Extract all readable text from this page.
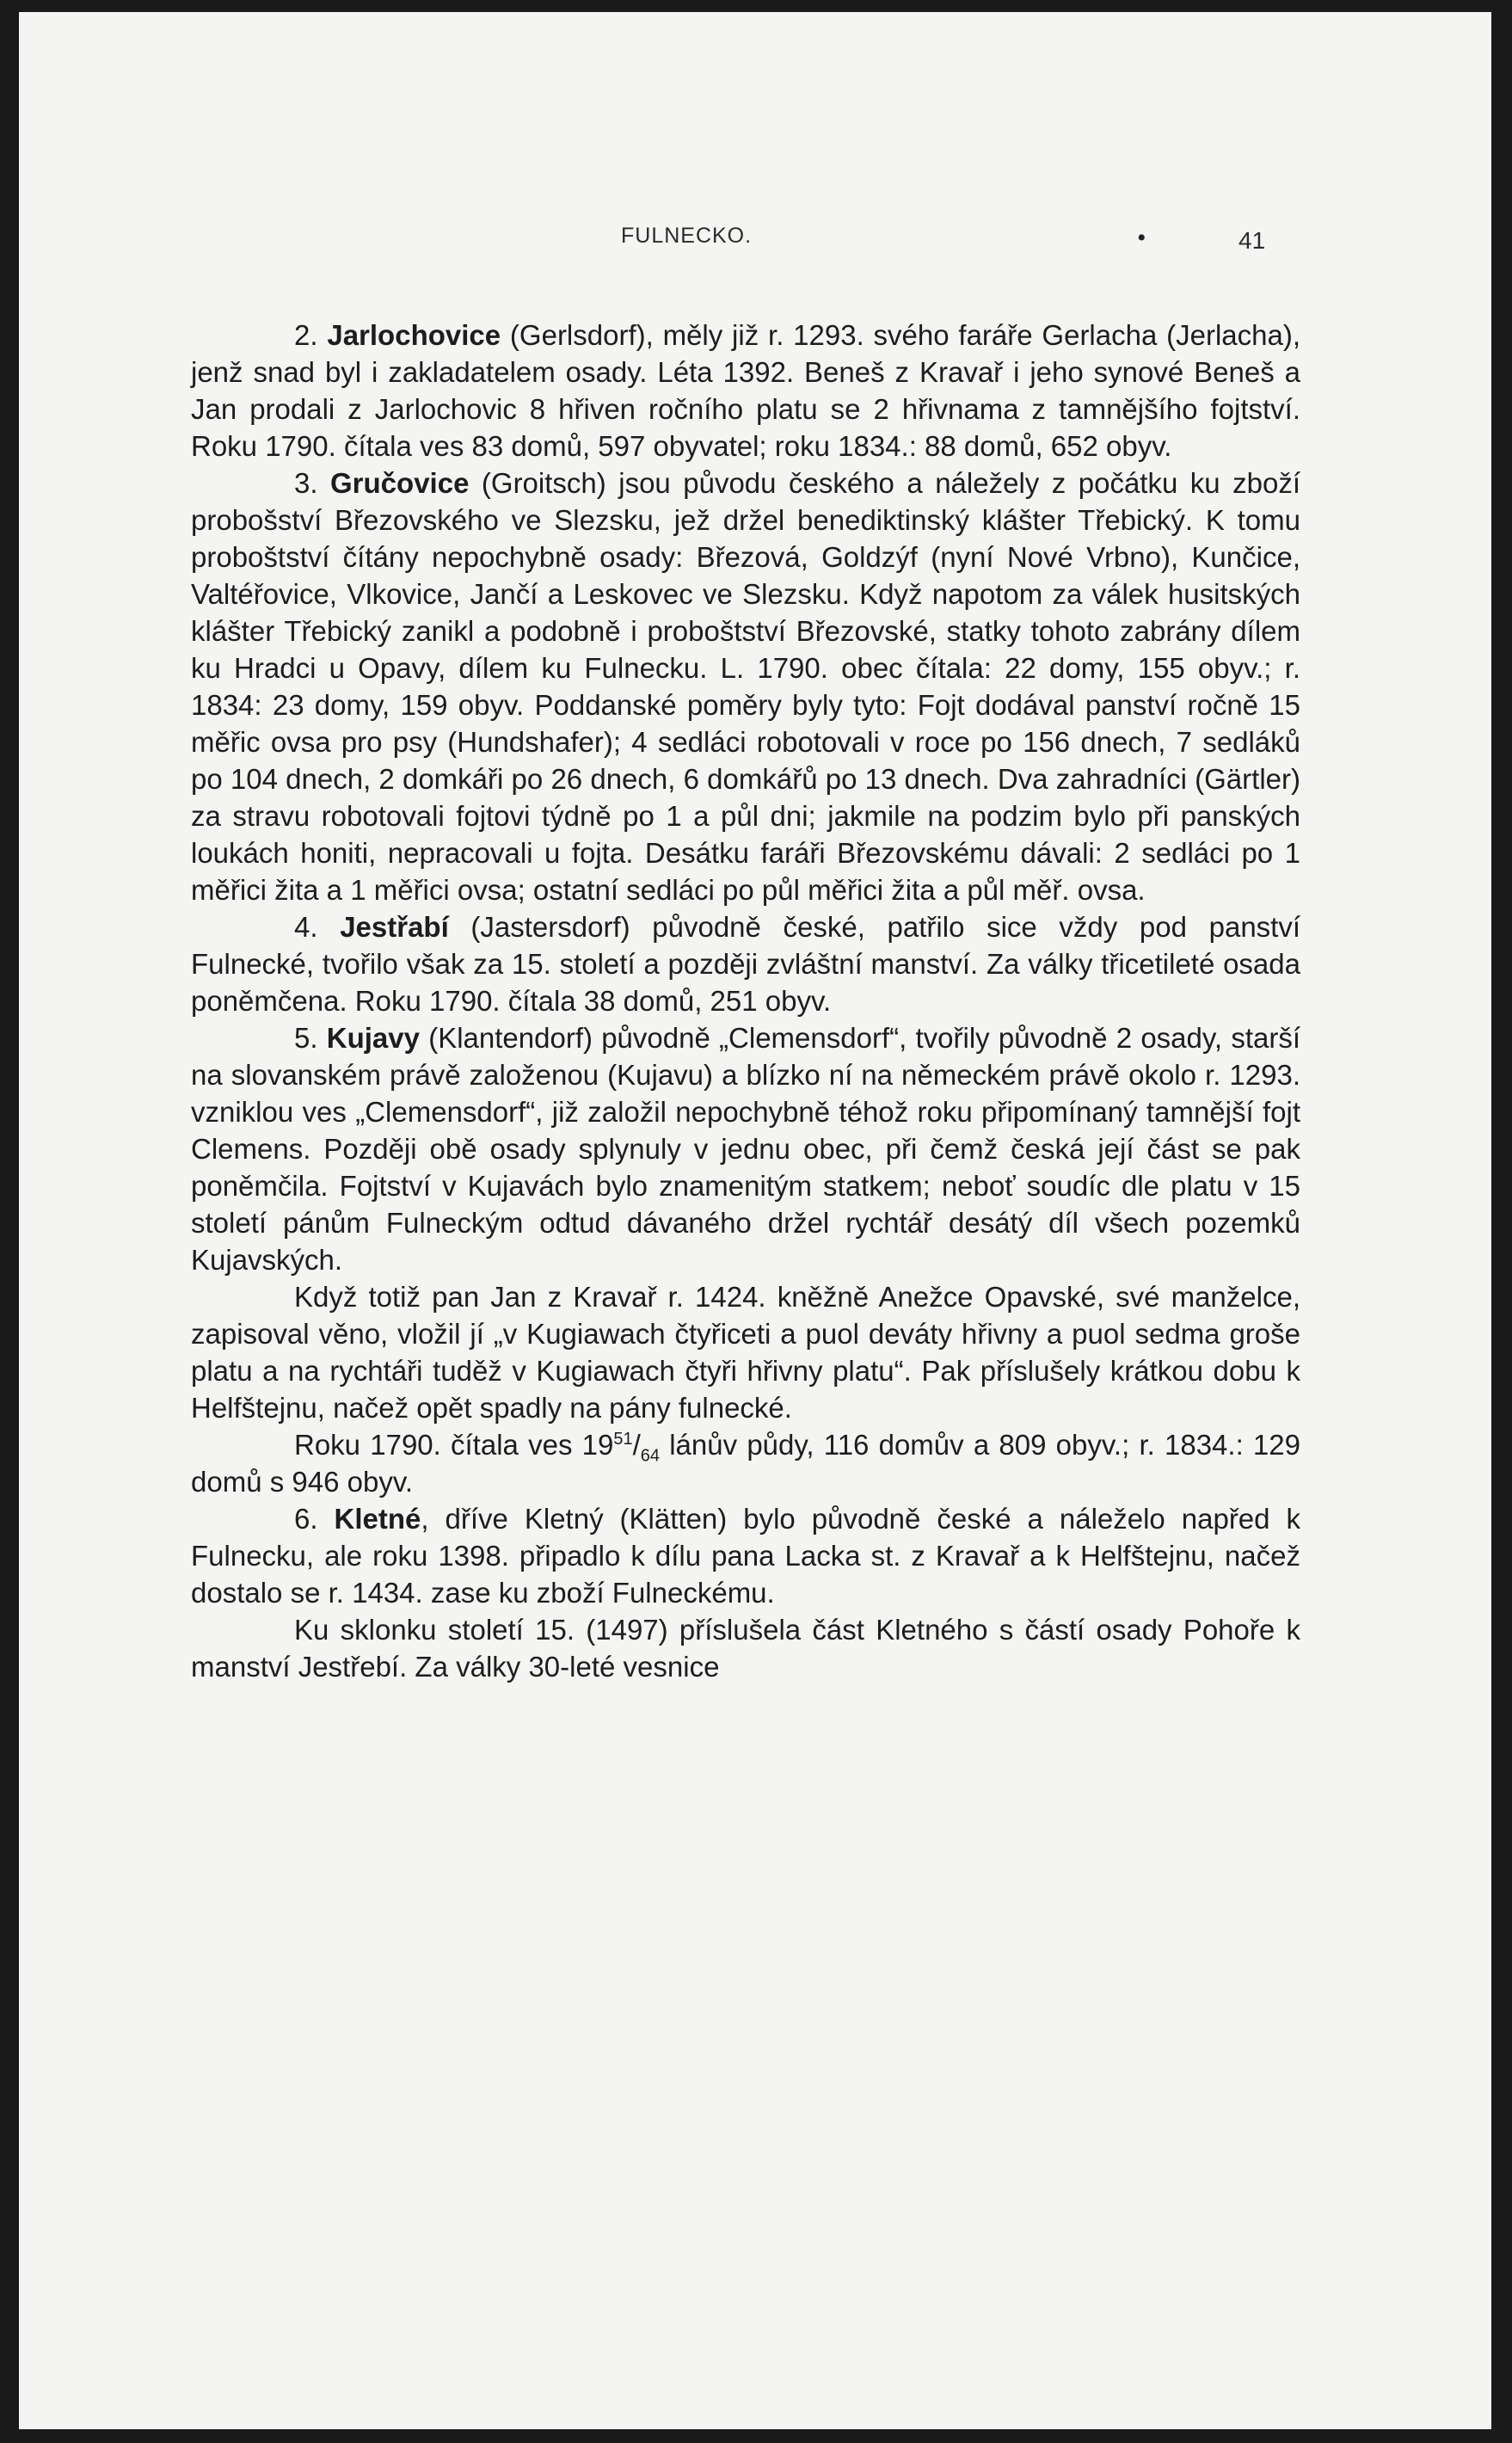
FULNECKO.	•	41

2. Jarlochovice (Gerlsdorf), měly již r. 1293. svého faráře Gerlacha (Jerlacha), jenž snad byl i zakladatelem osady. Léta 1392. Beneš z Kravař i jeho synové Beneš a Jan prodali z Jarlochovic 8 hřiven ročního platu se 2 hřivnama z tamnějšího fojtství. Roku 1790. čítala ves 83 domů, 597 obyvatel; roku 1834.: 88 domů, 652 obyv.

3. Gručovice (Groitsch) jsou původu českého a náležely z počátku ku zboží probošství Březovského ve Slezsku, jež držel benediktinský klášter Třebický. K tomu proboštství čítány nepochybně osady: Březová, Goldzýf (nyní Nové Vrbno), Kunčice, Valtéřovice, Vlkovice, Jančí a Leskovec ve Slezsku. Když napotom za válek husitských klášter Třebický zanikl a podobně i proboštství Březovské, statky tohoto zabrány dílem ku Hradci u Opavy, dílem ku Fulnecku. L. 1790. obec čítala: 22 domy, 155 obyv.; r. 1834: 23 domy, 159 obyv. Poddanské poměry byly tyto: Fojt dodával panství ročně 15 měřic ovsa pro psy (Hundshafer); 4 sedláci robotovali v roce po 156 dnech, 7 sedláků po 104 dnech, 2 domkáři po 26 dnech, 6 domkářů po 13 dnech. Dva zahradníci (Gärtler) za stravu robotovali fojtovi týdně po 1 a půl dni; jakmile na podzim bylo při panských loukách honiti, nepracovali u fojta. Desátku faráři Březovskému dávali: 2 sedláci po 1 měřici žita a 1 měřici ovsa; ostatní sedláci po půl měřici žita a půl měř. ovsa.

4. Jestřabí (Jastersdorf) původně české, patřilo sice vždy pod panství Fulnecké, tvořilo však za 15. století a později zvláštní manství. Za války třicetileté osada poněmčena. Roku 1790. čítala 38 domů, 251 obyv.

5. Kujavy (Klantendorf) původně „Clemensdorf“, tvořily původně 2 osady, starší na slovanském právě založenou (Kujavu) a blízko ní na německém právě okolo r. 1293. vzniklou ves „Clemensdorf“, již založil nepochybně téhož roku připomínaný tamnější fojt Clemens. Později obě osady splynuly v jednu obec, při čemž česká její část se pak poněmčila. Fojtství v Kujavách bylo znamenitým statkem; neboť soudíc dle platu v 15 století pánům Fulneckým odtud dávaného držel rychtář desátý díl všech pozemků Kujavských.

Když totiž pan Jan z Kravař r. 1424. kněžně Anežce Opavské, své manželce, zapisoval věno, vložil jí „v Kugiawach čtyřiceti a puol deváty hřivny a puol sedma groše platu a na rychtáři tuděž v Kugiawach čtyři hřivny platu“. Pak příslušely krátkou dobu k Helfštejnu, načež opět spadly na pány fulnecké.

Roku 1790. čítala ves $19^{51}/_{64}$ lánův půdy, 116 domův a 809 obyv.; r. 1834.: 129 domů s 946 obyv.

6. Kletné, dříve Kletný (Klätten) bylo původně české a náleželo napřed k Fulnecku, ale roku 1398. připadlo k dílu pana Lacka st. z Kravař a k Helfštejnu, načež dostalo se r. 1434. zase ku zboží Fulneckému.

Ku sklonku století 15. (1497) příslušela část Kletného s částí osady Pohoře k manství Jestřebí. Za války 30-leté vesnice
